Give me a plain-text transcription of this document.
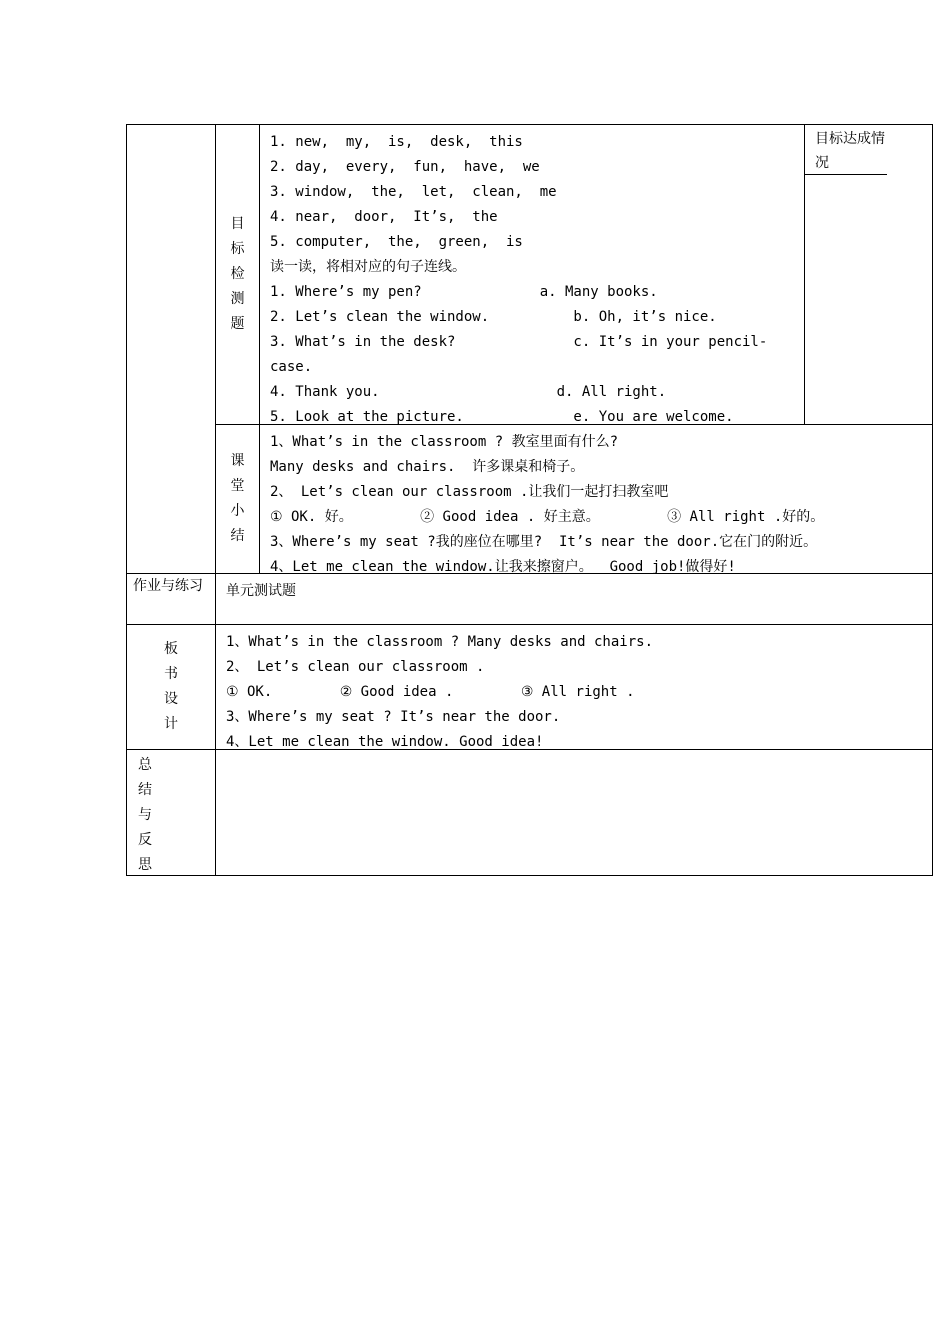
目标检测题
1. new,  my,  is,  desk,  this
2. day,  every,  fun,  have,  we
3. window,  the,  let,  clean,  me
4. near,  door,  It’s,  the
5. computer,  the,  green,  is
读一读，将相对应的句子连线。
1. Where’s my pen?              a. Many books.
2. Let’s clean the window.          b. Oh, it’s nice.
3. What’s in the desk?              c. It’s in your pencil-
case.
4. Thank you.                     d. All right.
5. Look at the picture.             e. You are welcome.
目标达成情况
课堂小结
1、What’s in the classroom ? 教室里面有什么?
Many desks and chairs.  许多课桌和椅子。
2、 Let’s clean our classroom .让我们一起打扫教室吧
① OK. 好。        ② Good idea . 好主意。        ③ All right .好的。
3、Where’s my seat ?我的座位在哪里?  It’s near the door.它在门的附近。
4、Let me clean the window.让我来擦窗户。  Good job!做得好!
作业与练习	单元测试题
板书设计
1、What’s in the classroom ? Many desks and chairs.
2、 Let’s clean our classroom .
① OK.        ② Good idea .        ③ All right .
3、Where’s my seat ? It’s near the door.
4、Let me clean the window. Good idea!
总结与反思
